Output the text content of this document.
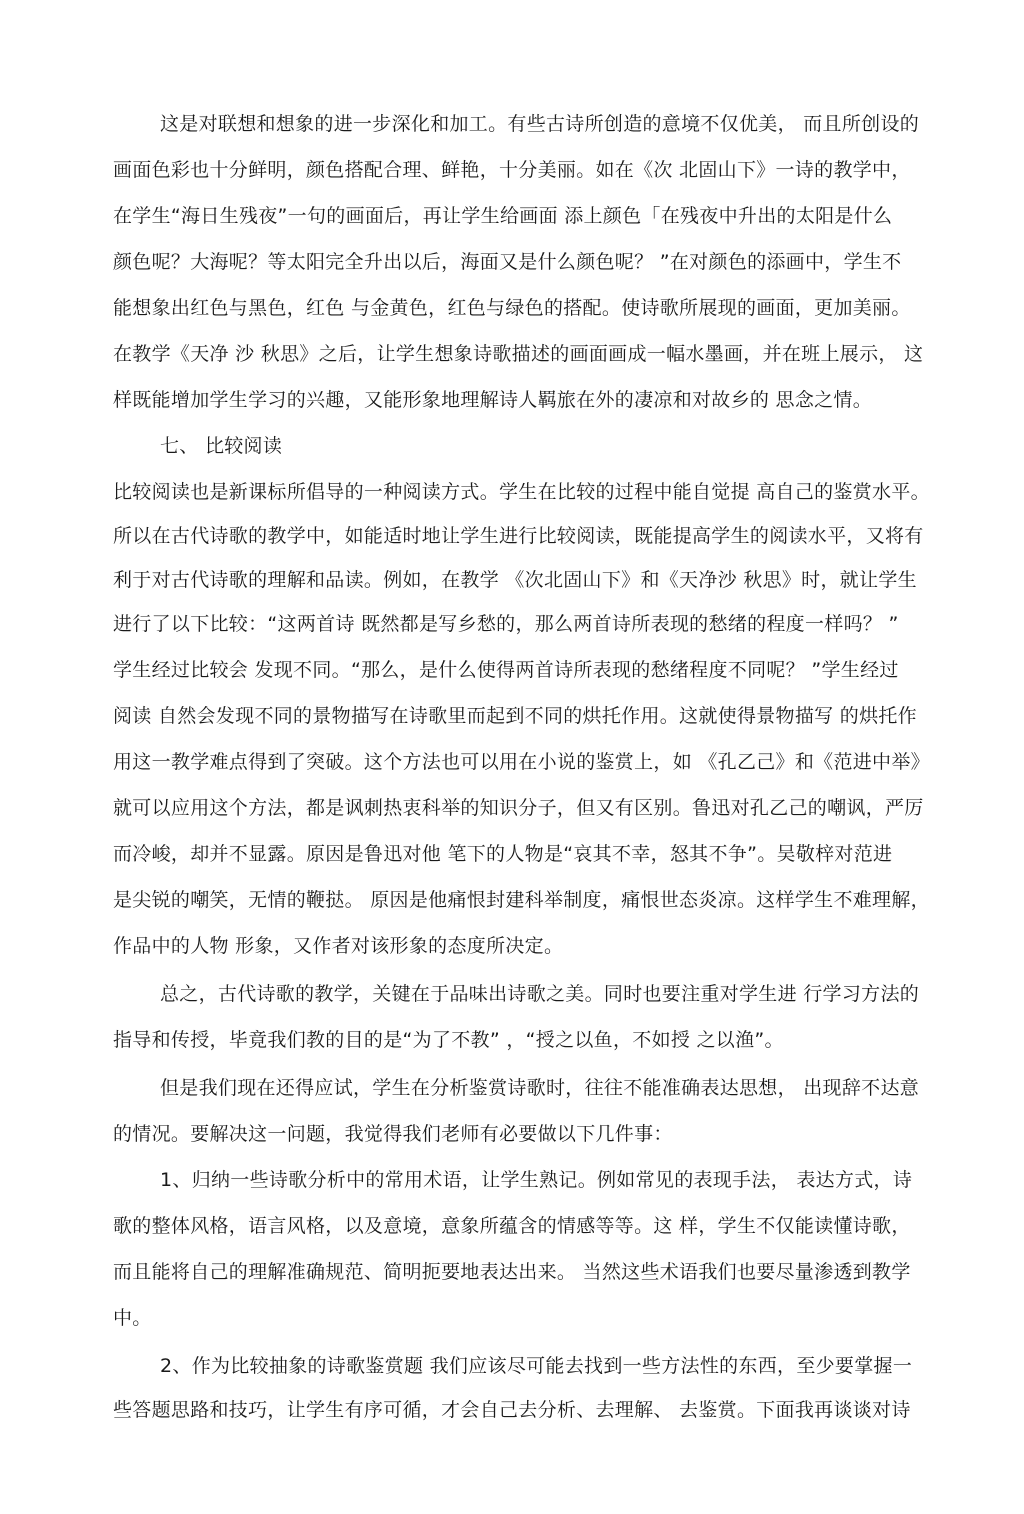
这是对联想和想象的进一步深化和加工。有些古诗所创造的意境不仅优美， 而且所创设的
画面色彩也十分鲜明，颜色搭配合理、鲜艳，十分美丽。如在《次 北固山下》一诗的教学中，
在学生“海日生残夜”一句的画面后，再让学生给画面 添上颜色「在残夜中升出的太阳是什么
颜色呢？大海呢？等太阳完全升出以后，海面又是什么颜色呢？ ”在对颜色的添画中，学生不
能想象出红色与黑色，红色 与金黄色，红色与绿色的搭配。使诗歌所展现的画面，更加美丽。
在教学《天净 沙 秋思》之后，让学生想象诗歌描述的画面画成一幅水墨画，并在班上展示， 这
样既能增加学生学习的兴趣，又能形象地理解诗人羁旅在外的凄凉和对故乡的 思念之情。
七、 比较阅读
比较阅读也是新课标所倡导的一种阅读方式。学生在比较的过程中能自觉提 高自己的鉴赏水平。
所以在古代诗歌的教学中，如能适时地让学生进行比较阅读，既能提高学生的阅读水平，又将有
利于对古代诗歌的理解和品读。例如，在教学 《次北固山下》和《天净沙 秋思》时，就让学生
进行了以下比较：“这两首诗 既然都是写乡愁的，那么两首诗所表现的愁绪的程度一样吗？ ”
学生经过比较会 发现不同。“那么，是什么使得两首诗所表现的愁绪程度不同呢？ ”学生经过
阅读 自然会发现不同的景物描写在诗歌里而起到不同的烘托作用。这就使得景物描写 的烘托作
用这一教学难点得到了突破。这个方法也可以用在小说的鉴赏上，如 《孔乙己》和《范进中举》
就可以应用这个方法，都是讽刺热衷科举的知识分子，但又有区别。鲁迅对孔乙己的嘲讽，严厉
而冷峻，却并不显露。原因是鲁迅对他 笔下的人物是“哀其不幸，怒其不争”。吴敬梓对范进
是尖锐的嘲笑，无情的鞭挞。 原因是他痛恨封建科举制度，痛恨世态炎凉。这样学生不难理解，
作品中的人物 形象，又作者对该形象的态度所决定。
总之，古代诗歌的教学，关键在于品味出诗歌之美。同时也要注重对学生进 行学习方法的
指导和传授，毕竟我们教的目的是“为了不教” ，“授之以鱼，不如授 之以渔”。
但是我们现在还得应试，学生在分析鉴赏诗歌时，往往不能准确表达思想， 出现辞不达意
的情况。要解决这一问题，我觉得我们老师有必要做以下几件事：
1、归纳一些诗歌分析中的常用术语，让学生熟记。例如常见的表现手法， 表达方式，诗
歌的整体风格，语言风格，以及意境，意象所蕴含的情感等等。这 样，学生不仅能读懂诗歌，
而且能将自己的理解准确规范、简明扼要地表达出来。 当然这些术语我们也要尽量渗透到教学
中。
2、作为比较抽象的诗歌鉴赏题 我们应该尽可能去找到一些方法性的东西，至少要掌握一
些答题思路和技巧，让学生有序可循，才会自己去分析、去理解、 去鉴赏。下面我再谈谈对诗
